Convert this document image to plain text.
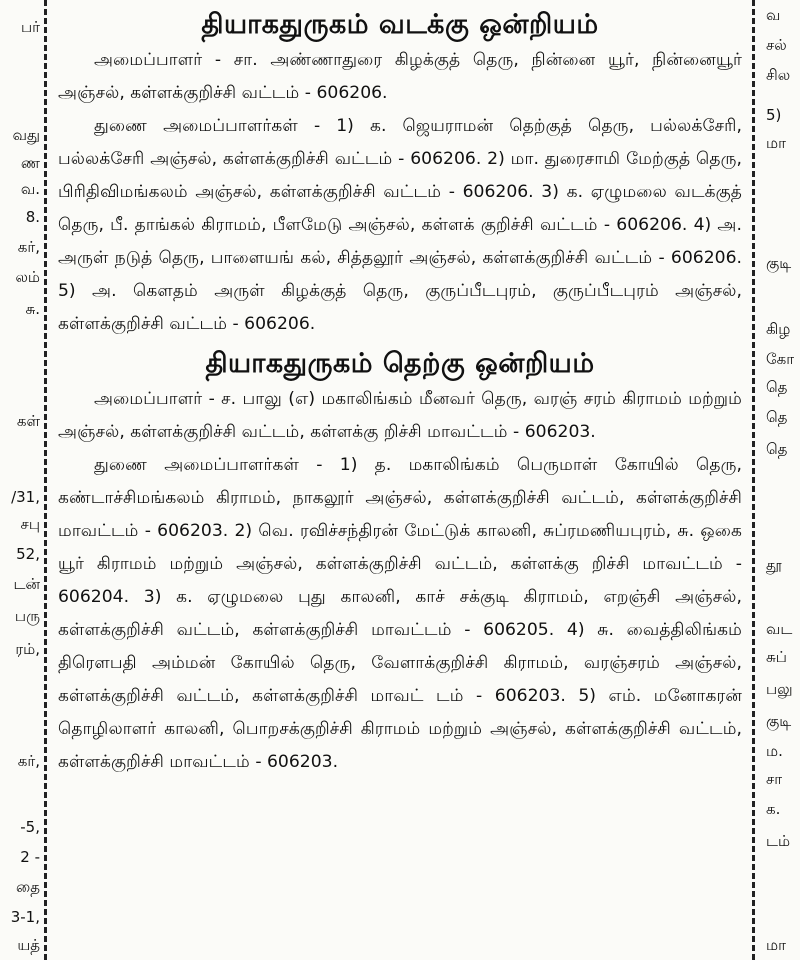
பர்
வது
ண
வ.
8.
கர்,
லம்
சு.
கள்
/31,
சபு
52,
டன்
பரு
ரம்,
கர்,
-5,
2 -
தை
3-1,
யத்
தியாகதுருகம் வடக்கு ஒன்றியம்

அமைப்பாளர் - சா. அண்ணாதுரை கிழக்குத் தெரு, நின்னை யூர், நின்னையூர் அஞ்சல், கள்ளக்குறிச்சி வட்டம் - 606206.

துணை அமைப்பாளர்கள் - 1) க. ஜெயராமன் தெற்குத் தெரு, பல்லக்சேரி, பல்லக்சேரி அஞ்சல், கள்ளக்குறிச்சி வட்டம் - 606206. 2) மா. துரைசாமி மேற்குத் தெரு, பிரிதிவிமங்கலம் அஞ்சல், கள்ளக்குறிச்சி வட்டம் - 606206. 3) க. ஏழுமலை வடக்குத் தெரு, பீ. தாங்கல் கிராமம், பீளமேடு அஞ்சல், கள்ளக் குறிச்சி வட்டம் - 606206. 4) அ. அருள் நடுத் தெரு, பாளையங் கல், சித்தலூர் அஞ்சல், கள்ளக்குறிச்சி வட்டம் - 606206. 5) அ. கௌதம் அருள் கிழக்குத் தெரு, குருப்பீடபுரம், குருப்பீடபுரம் அஞ்சல், கள்ளக்குறிச்சி வட்டம் - 606206.

தியாகதுருகம் தெற்கு ஒன்றியம்

அமைப்பாளர் - ச. பாலு (எ) மகாலிங்கம் மீனவர் தெரு, வரஞ் சரம் கிராமம் மற்றும் அஞ்சல், கள்ளக்குறிச்சி வட்டம், கள்ளக்கு றிச்சி மாவட்டம் - 606203.

துணை அமைப்பாளர்கள் - 1) த. மகாலிங்கம் பெருமாள் கோயில் தெரு, கண்டாச்சிமங்கலம் கிராமம், நாகலூர் அஞ்சல், கள்ளக்குறிச்சி வட்டம், கள்ளக்குறிச்சி மாவட்டம் - 606203. 2) வெ. ரவிச்சந்திரன் மேட்டுக் காலனி, சுப்ரமணியபுரம், சு. ஒகை யூர் கிராமம் மற்றும் அஞ்சல், கள்ளக்குறிச்சி வட்டம், கள்ளக்கு றிச்சி மாவட்டம் - 606204. 3) க. ஏழுமலை புது காலனி, காச் சக்குடி கிராமம், எறஞ்சி அஞ்சல், கள்ளக்குறிச்சி வட்டம், கள்ளக்குறிச்சி மாவட்டம் - 606205. 4) சு. வைத்திலிங்கம் திரௌபதி அம்மன் கோயில் தெரு, வேளாக்குறிச்சி கிராமம், வரஞ்சரம் அஞ்சல், கள்ளக்குறிச்சி வட்டம், கள்ளக்குறிச்சி மாவட் டம் - 606203. 5) எம். மனோகரன் தொழிலாளர் காலனி, பொறசக்குறிச்சி கிராமம் மற்றும் அஞ்சல், கள்ளக்குறிச்சி வட்டம், கள்ளக்குறிச்சி மாவட்டம் - 606203.

வ
சல்
சில
5)
மா
குடி
கிழ
கோ
தெ
தெ
தெ
தூ
வட
சுப்
பலு
குடி
ம.
சா
க.
டம்
மா
